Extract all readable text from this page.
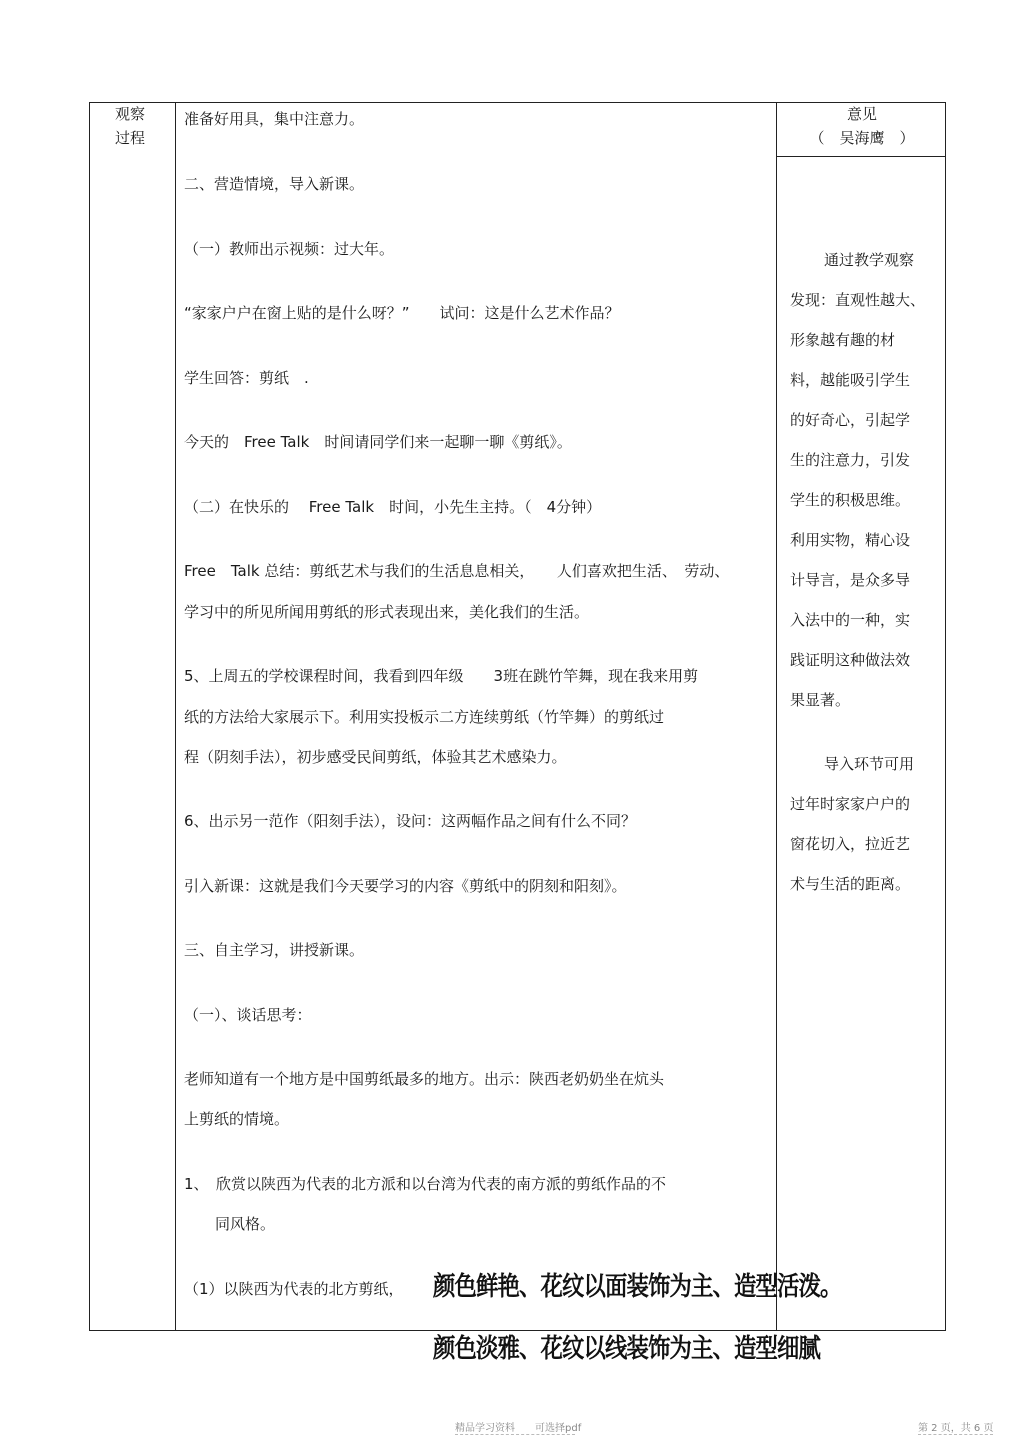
观察
过程
意见
（　吴海鹰　）
准备好用具，集中注意力。
二、营造情境，导入新课。
（一）教师出示视频：过大年。
“家家户户在窗上贴的是什么呀？”　　试问：这是什么艺术作品？
学生回答：剪纸　.
今天的　Free Talk　时间请同学们来一起聊一聊《剪纸》。
（二）在快乐的　 Free Talk　时间，小先生主持。（　4分钟）
Free　Talk 总结：剪纸艺术与我们的生活息息相关，　　人们喜欢把生活、　劳动、
学习中的所见所闻用剪纸的形式表现出来，美化我们的生活。
5、上周五的学校课程时间，我看到四年级　　3班在跳竹竿舞，现在我来用剪
纸的方法给大家展示下。利用实投板示二方连续剪纸（竹竿舞）的剪纸过
程（阴刻手法），初步感受民间剪纸，体验其艺术感染力。
6、出示另一范作（阳刻手法），设问：这两幅作品之间有什么不同？
引入新课：这就是我们今天要学习的内容《剪纸中的阴刻和阳刻》。
三、自主学习，讲授新课。
（一）、谈话思考：
老师知道有一个地方是中国剪纸最多的地方。出示：陕西老奶奶坐在炕头
上剪纸的情境。
1、　欣赏以陕西为代表的北方派和以台湾为代表的南方派的剪纸作品的不
同风格。
（1）以陕西为代表的北方剪纸， 颜色鲜艳、花纹以面装饰为主、造型活泼。
颜色淡雅、花纹以线装饰为主、造型细腻
通过教学观察
发现：直观性越大、
形象越有趣的材
料，越能吸引学生
的好奇心，引起学
生的注意力，引发
学生的积极思维。
利用实物，精心设
计导言，是众多导
入法中的一种，实
践证明这种做法效
果显著。
导入环节可用
过年时家家户户的
窗花切入，拉近艺
术与生活的距离。
精品学习资料　　可选择pdf	第 2 页，共 6 页
